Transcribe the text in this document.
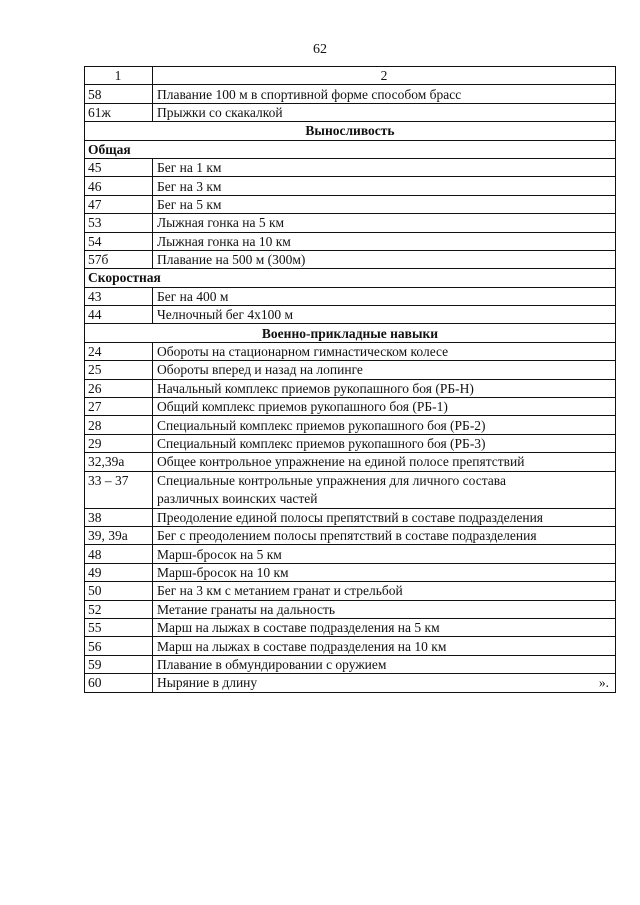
62
1	2
58	Плавание 100 м в спортивной форме способом брасс
61ж	Прыжки со скакалкой
Выносливость	
Общая	
45	Бег на 1 км
46	Бег на 3 км
47	Бег на 5 км
53	Лыжная гонка на 5 км
54	Лыжная гонка на 10 км
57б	Плавание на 500 м (300м)
Скоростная	
43	Бег на 400 м
44	Челночный бег 4х100 м
Военно-прикладные навыки	
24	Обороты на стационарном гимнастическом колесе
25	Обороты вперед и назад на лопинге
26	Начальный комплекс приемов рукопашного боя (РБ-Н)
27	Общий комплекс приемов рукопашного боя (РБ-1)
28	Специальный комплекс приемов рукопашного боя (РБ-2)
29	Специальный комплекс приемов рукопашного боя (РБ-3)
32,39а	Общее контрольное упражнение на единой полосе препятствий
33 – 37	Специальные контрольные упражнения для личного состава
различных воинских частей

38	Преодоление единой полосы препятствий в составе подразделения
39, 39а	Бег с преодолением полосы препятствий в составе подразделения
48	Марш-бросок на 5 км
49	Марш-бросок на 10 км
50	Бег на 3 км с метанием гранат и стрельбой
52	Метание гранаты на дальность
55	Марш на лыжах в составе подразделения на 5 км
56	Марш на лыжах в составе подразделения на 10 км
59	Плавание в обмундировании с оружием
60	Ныряние в длину ».
